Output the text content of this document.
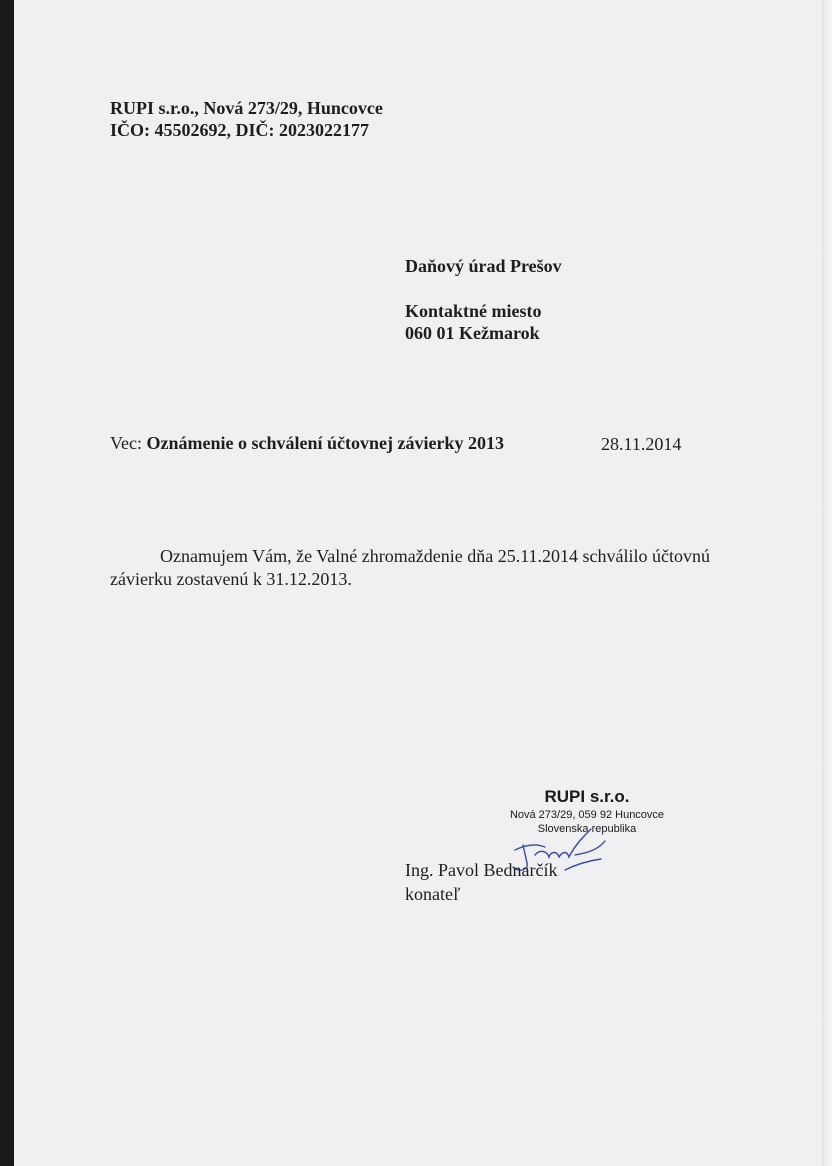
RUPI s.r.o., Nová 273/29, Huncovce
IČO: 45502692, DIČ: 2023022177
Daňový úrad Prešov
Kontaktné miesto
060 01 Kežmarok
Vec: Oznámenie o schválení účtovnej závierky 2013	28.11.2014
Oznamujem Vám, že Valné zhromaždenie dňa 25.11.2014 schválilo účtovnú závierku zostavenú k 31.12.2013.
RUPI s.r.o.
Nová 273/29, 059 92 Huncovce
Slovenska republika
Ing. Pavol Bednarčík
konateľ
